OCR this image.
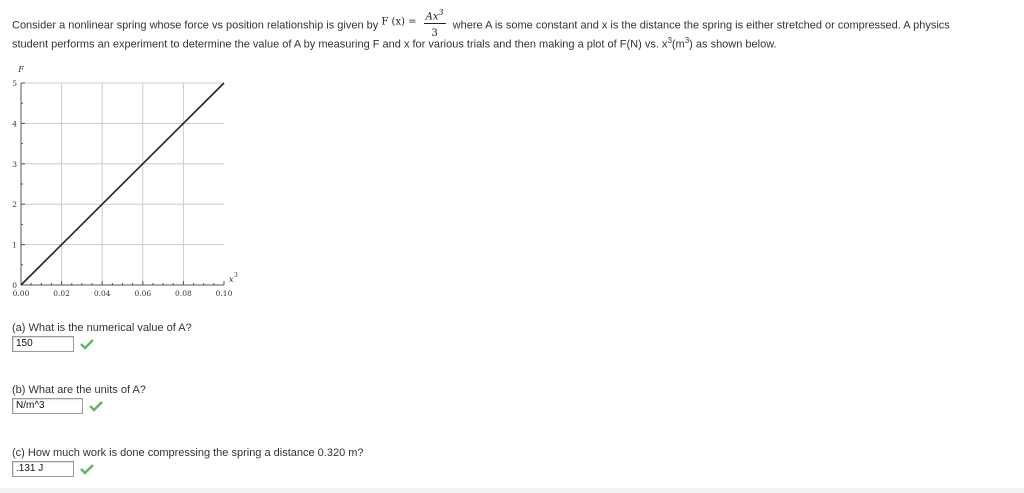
Consider a nonlinear spring whose force vs position relationship is given by F $(x) = \frac{Ax^3}{3}$ where A is some constant and x is the distance the spring is either stretched or compressed. A physics
student performs an experiment to determine the value of A by measuring F and x for various trials and then making a plot of F(N) vs. $x^3(m^3)$ as shown below.
0.00	0.02	0.04	0.06	0.08	0.10
0
1
2
3
4
5
F
x 3
(a) What is the numerical value of A?
150
(b) What are the units of A?
N/m^3
(c) How much work is done compressing the spring a distance 0.320 m?
.131 J
